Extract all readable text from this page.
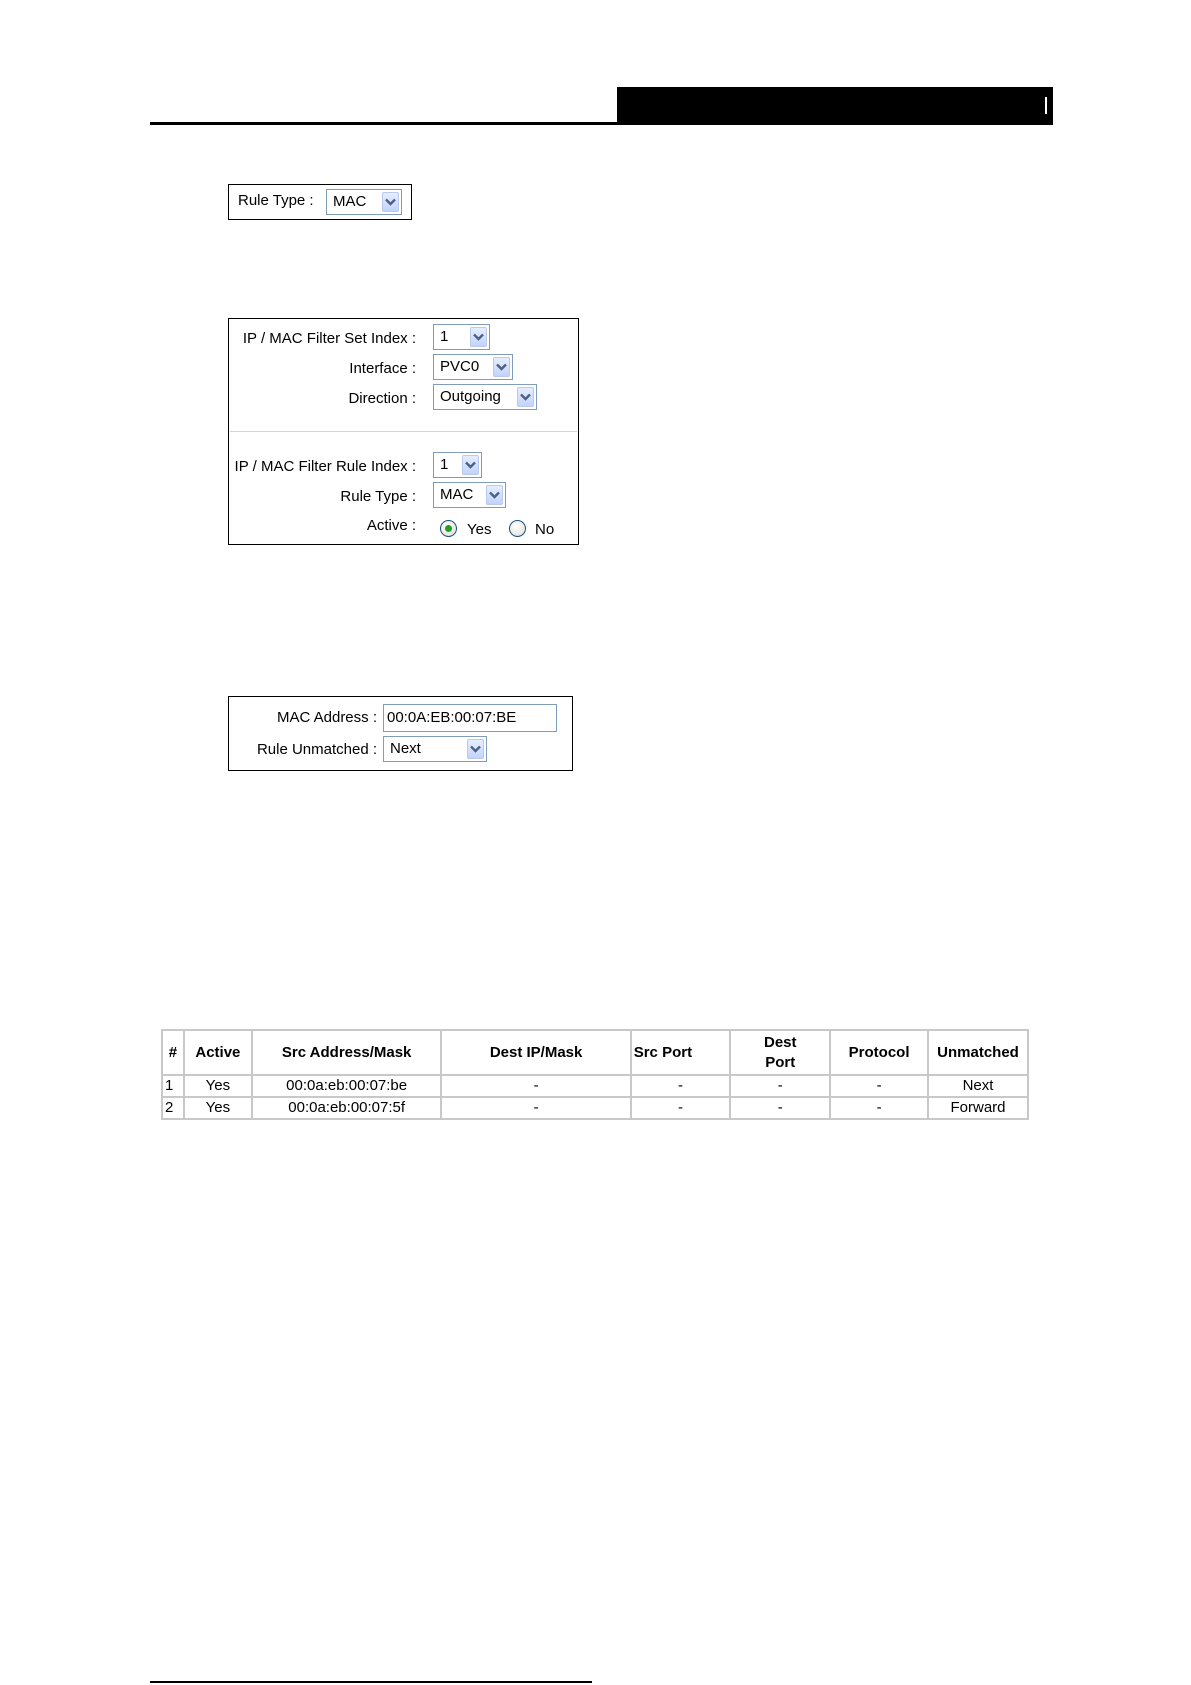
Rule Type : MAC
IP / MAC Filter Set Index : 1
Interface : PVC0
Direction : Outgoing
IP / MAC Filter Rule Index : 1
Rule Type : MAC
Active :	Yes	No
MAC Address : 00:0A:EB:00:07:BE
Rule Unmatched : Next
#	Active	Src Address/Mask	Dest IP/Mask	Src Port	Dest Port	Protocol	Unmatched
1	Yes	00:0a:eb:00:07:be	-	-	-	-	Next
2	Yes	00:0a:eb:00:07:5f	-	-	-	-	Forward
